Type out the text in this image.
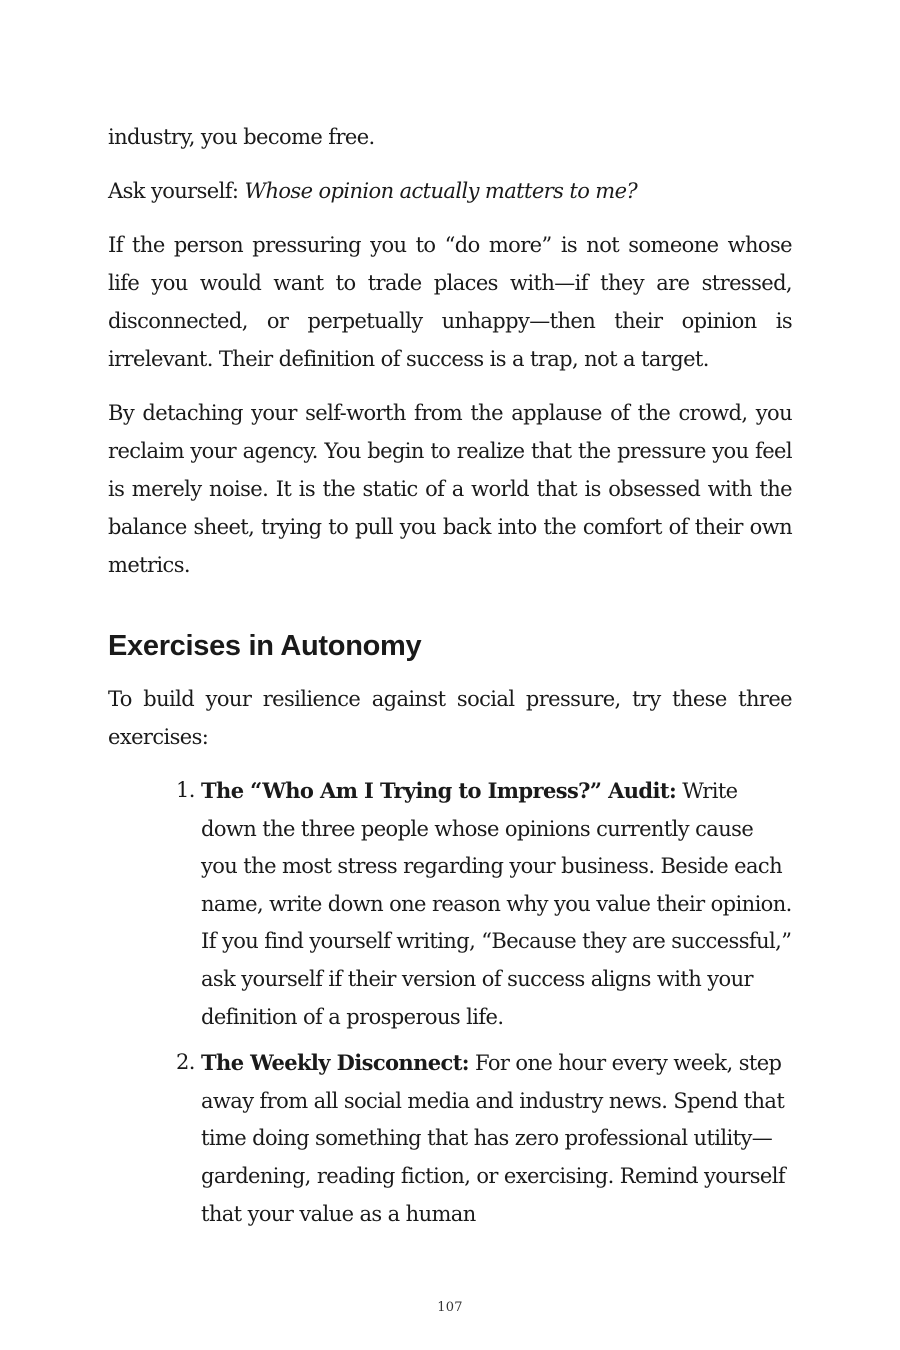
industry, you become free.

Ask yourself: Whose opinion actually matters to me?

If the person pressuring you to “do more” is not someone whose life you would want to trade places with—if they are stressed, disconnected, or perpetually unhappy—then their opinion is irrelevant. Their definition of success is a trap, not a target.

By detaching your self-worth from the applause of the crowd, you reclaim your agency. You begin to realize that the pressure you feel is merely noise. It is the static of a world that is obsessed with the balance sheet, trying to pull you back into the comfort of their own metrics.

Exercises in Autonomy

To build your resilience against social pressure, try these three exercises:

1. The “Who Am I Trying to Impress?” Audit: Write down the three people whose opinions currently cause you the most stress regarding your business. Beside each name, write down one reason why you value their opinion. If you find yourself writing, “Because they are successful,” ask yourself if their version of success aligns with your definition of a prosperous life.
2. The Weekly Disconnect: For one hour every week, step away from all social media and industry news. Spend that time doing something that has zero professional utility—gardening, reading fiction, or exercising. Remind yourself that your value as a human
107
